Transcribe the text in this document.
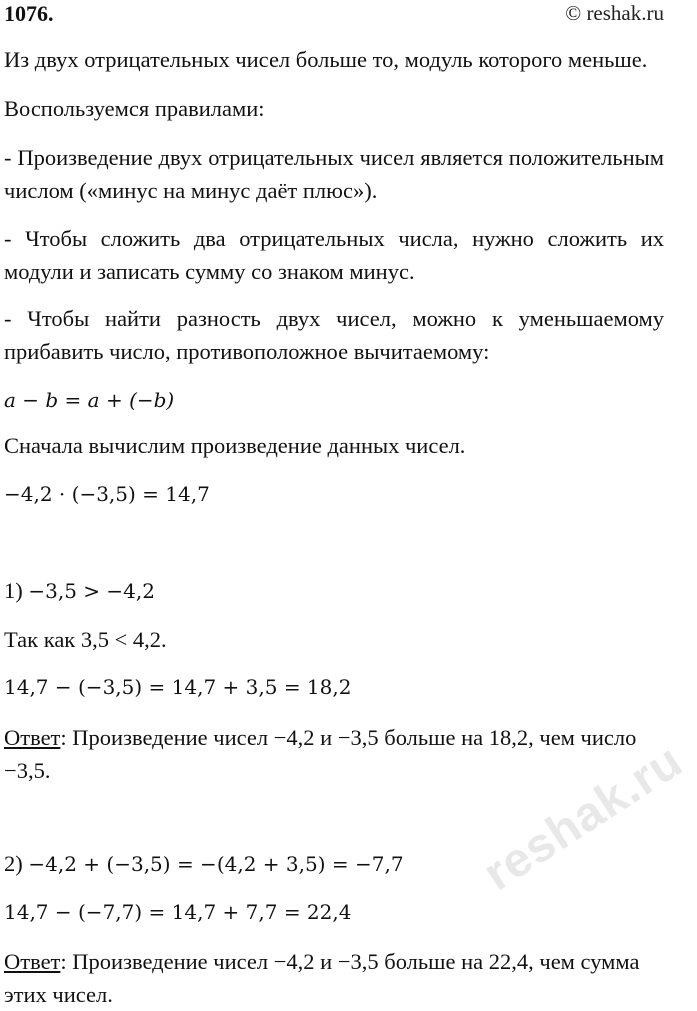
1076.	© reshak.ru

Из двух отрицательных чисел больше то, модуль которого меньше.

Воспользуемся правилами:

- Произведение двух отрицательных чисел является положительным числом («минус на минус даёт плюс»).

- Чтобы сложить два отрицательных числа, нужно сложить их модули и записать сумму со знаком минус.

- Чтобы найти разность двух чисел, можно к уменьшаемому прибавить число, противоположное вычитаемому:

a − b = a + (−b)

Сначала вычислим произведение данных чисел.

−4,2 · (−3,5) = 14,7

1) −3,5 > −4,2

Так как 3,5 < 4,2.

14,7 − (−3,5) = 14,7 + 3,5 = 18,2

Ответ: Произведение чисел −4,2 и −3,5 больше на 18,2, чем число −3,5.

2) −4,2 + (−3,5) = −(4,2 + 3,5) = −7,7

14,7 − (−7,7) = 14,7 + 7,7 = 22,4

Ответ: Произведение чисел −4,2 и −3,5 больше на 22,4, чем сумма этих чисел.

reshak.ru
